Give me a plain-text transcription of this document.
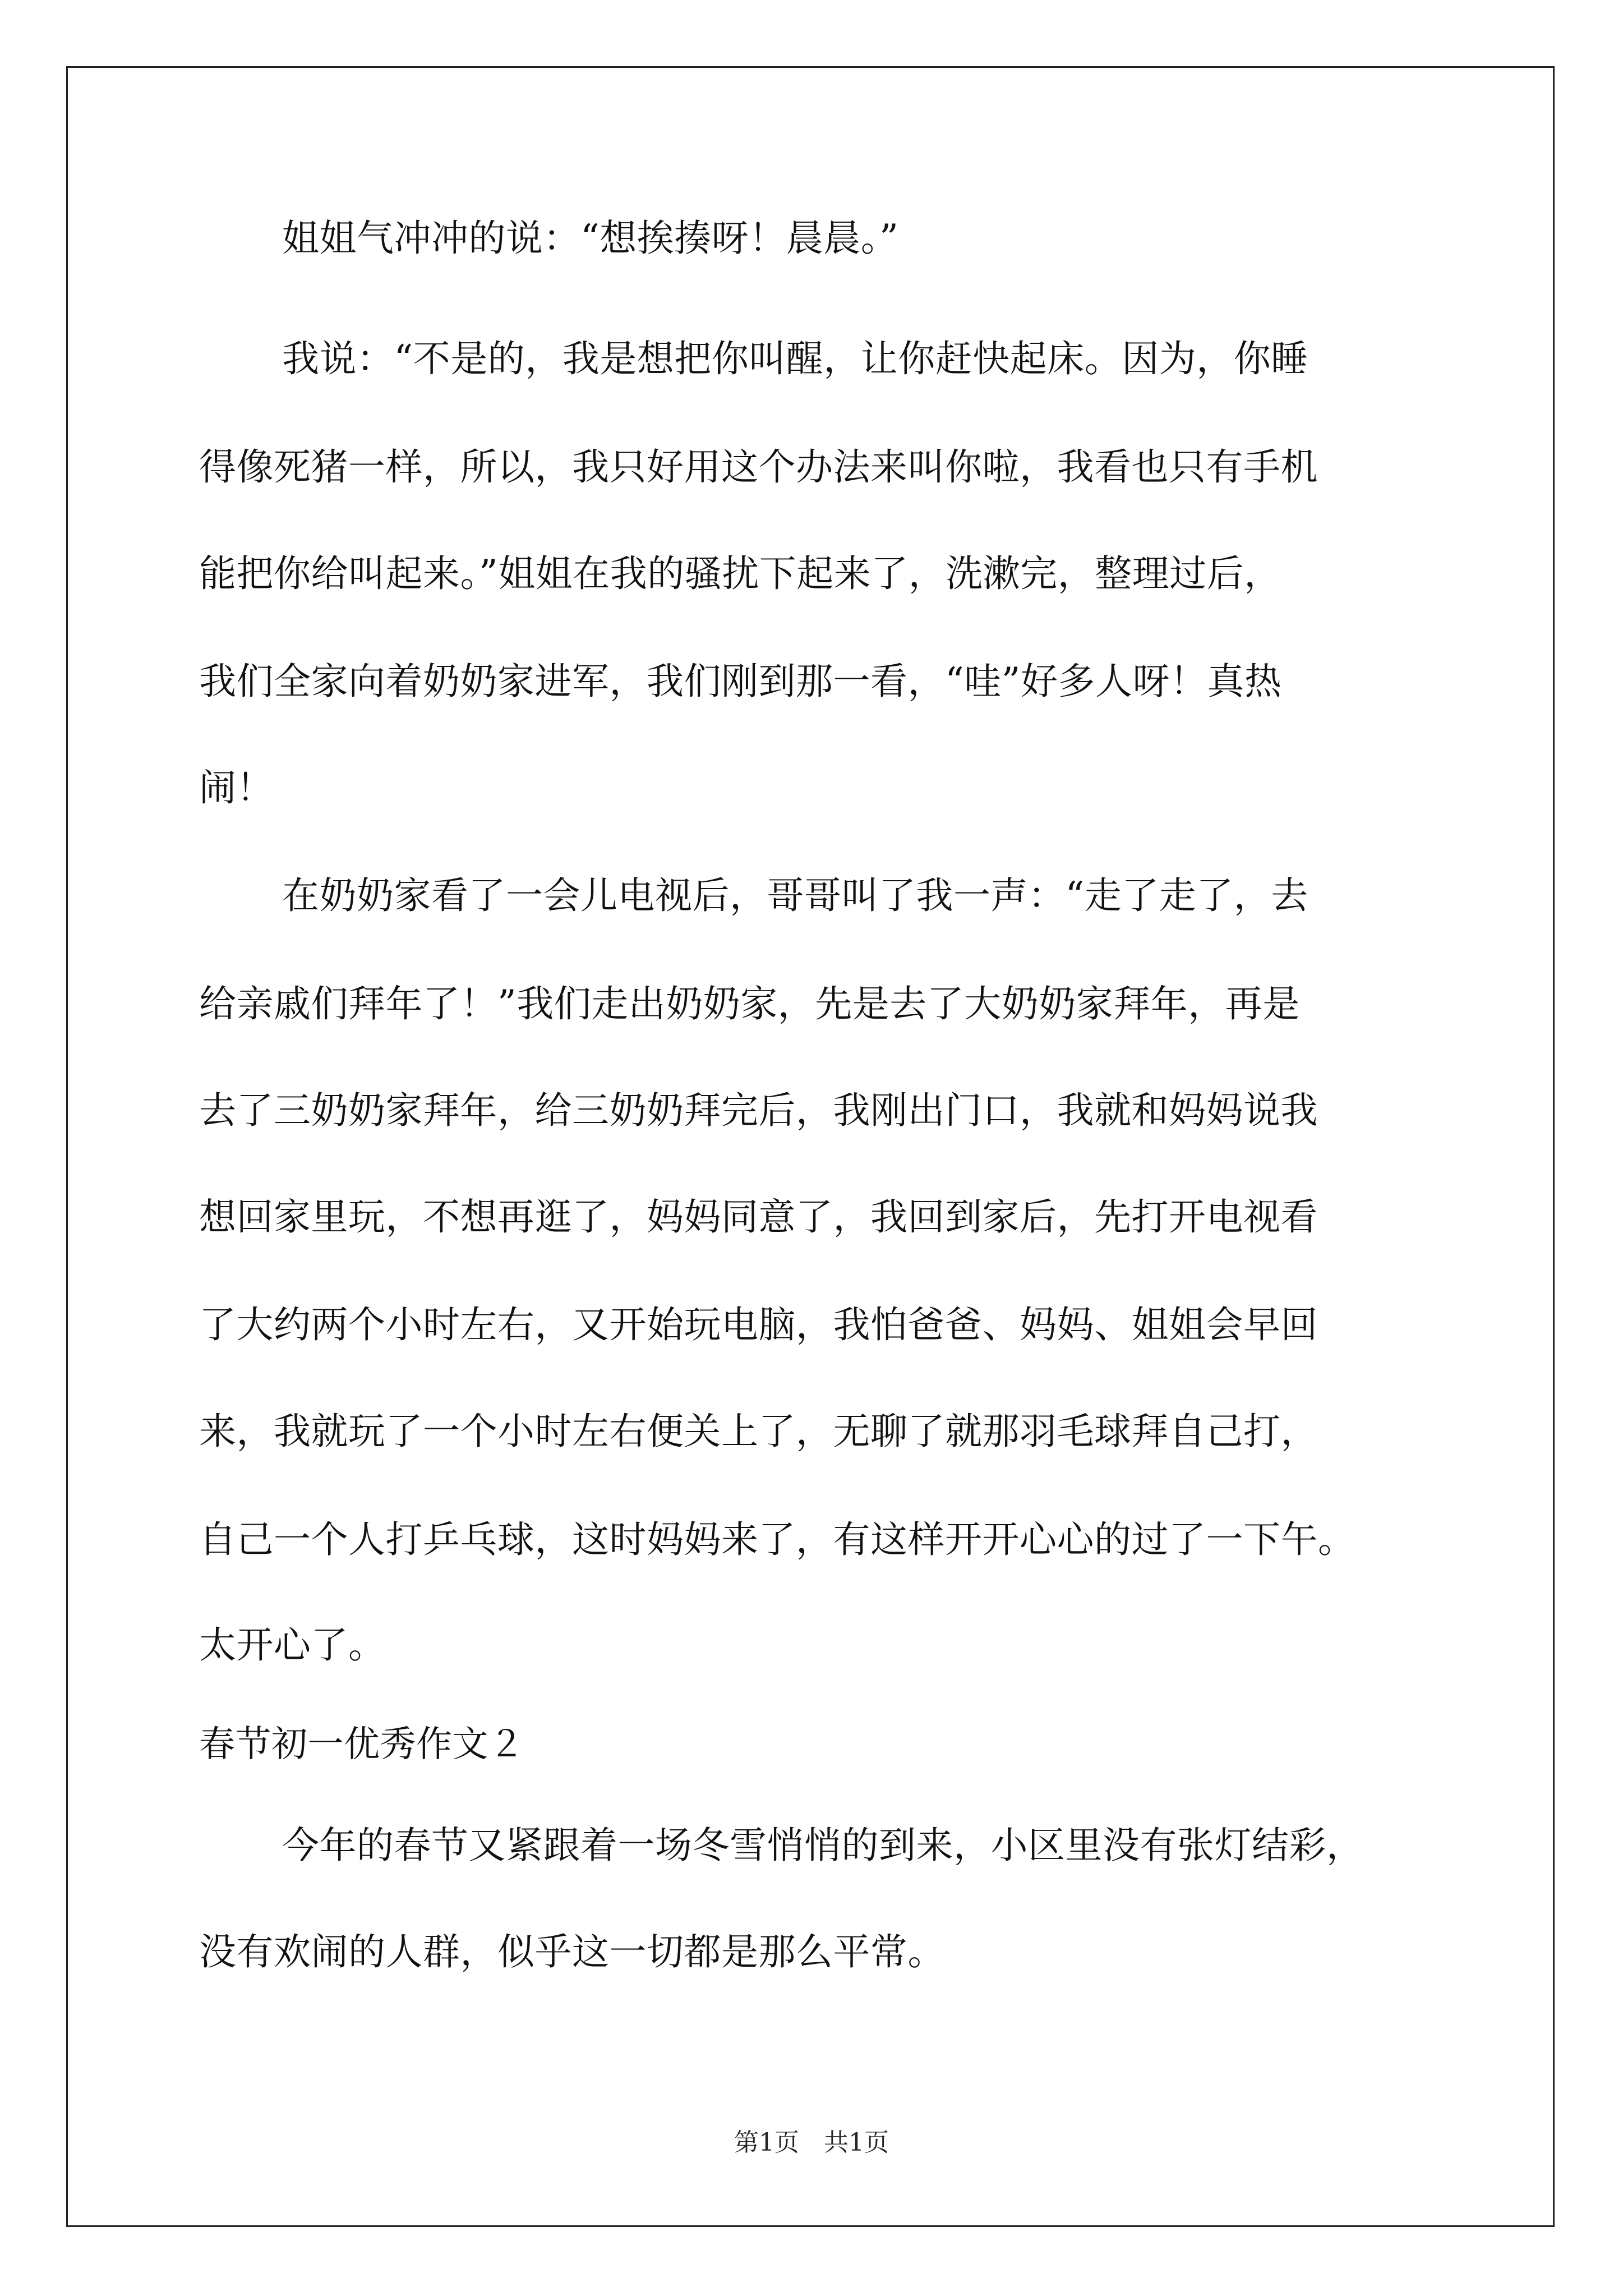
姐姐气冲冲的说：“想挨揍呀！晨晨。”
我说：“不是的，我是想把你叫醒，让你赶快起床。因为，你睡
得像死猪一样，所以，我只好用这个办法来叫你啦，我看也只有手机
能把你给叫起来。”姐姐在我的骚扰下起来了，洗漱完，整理过后，
我们全家向着奶奶家进军，我们刚到那一看，“哇”好多人呀！真热
闹！
在奶奶家看了一会儿电视后，哥哥叫了我一声：“走了走了，去
给亲戚们拜年了！”我们走出奶奶家，先是去了大奶奶家拜年，再是
去了三奶奶家拜年，给三奶奶拜完后，我刚出门口，我就和妈妈说我
想回家里玩，不想再逛了，妈妈同意了，我回到家后，先打开电视看
了大约两个小时左右，又开始玩电脑，我怕爸爸、妈妈、姐姐会早回
来，我就玩了一个小时左右便关上了，无聊了就那羽毛球拜自己打，
自己一个人打乒乓球，这时妈妈来了，有这样开开心心的过了一下午。
太开心了。
春节初一优秀作文２
今年的春节又紧跟着一场冬雪悄悄的到来，小区里没有张灯结彩，
没有欢闹的人群，似乎这一切都是那么平常。
第1页　共1页
